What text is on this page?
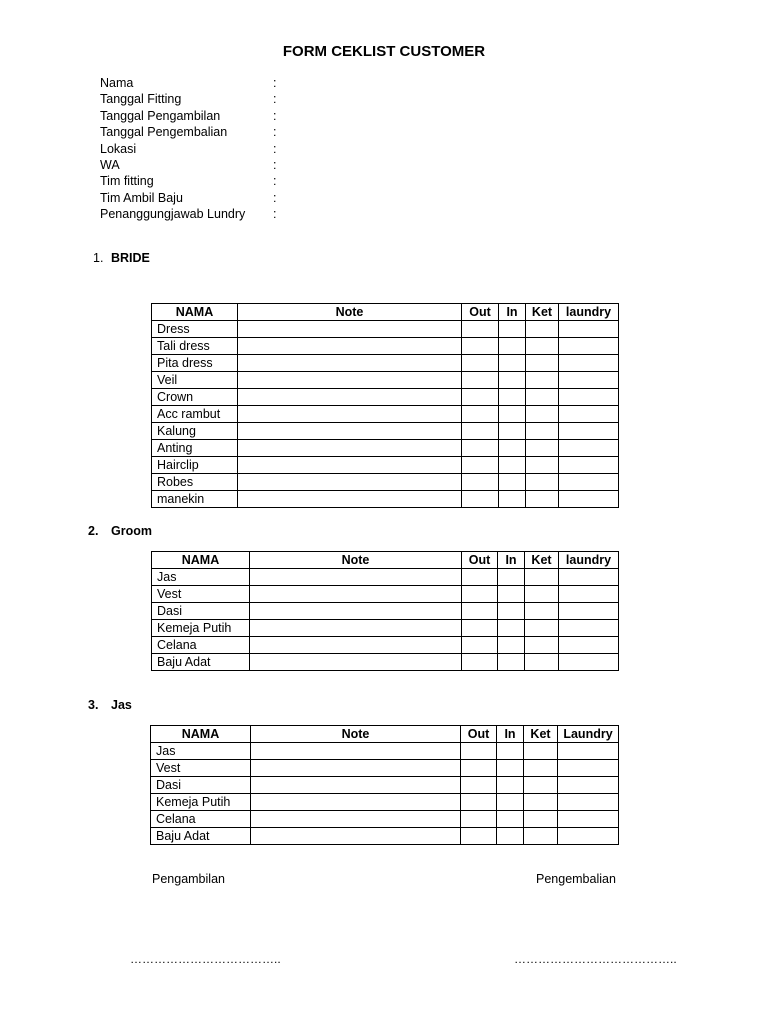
FORM CEKLIST CUSTOMER
Nama	:
Tanggal Fitting	:
Tanggal Pengambilan	:
Tanggal Pengembalian	:
Lokasi	:
WA	:
Tim fitting	:
Tim Ambil Baju	:
Penanggungjawab Lundry :
1. BRIDE
NAMA	Note	Out	In	Ket	laundry
Dress					
Tali dress					
Pita dress					
Veil					
Crown					
Acc rambut					
Kalung					
Anting					
Hairclip					
Robes					
manekin					
2. Groom
NAMA	Note	Out	In	Ket	laundry
Jas					
Vest					
Dasi					
Kemeja Putih					
Celana					
Baju Adat					
3. Jas
NAMA	Note	Out	In	Ket	Laundry
Jas					
Vest					
Dasi					
Kemeja Putih					
Celana					
Baju Adat					
Pengambilan	Pengembalian
………………………………..	…………………………………..
